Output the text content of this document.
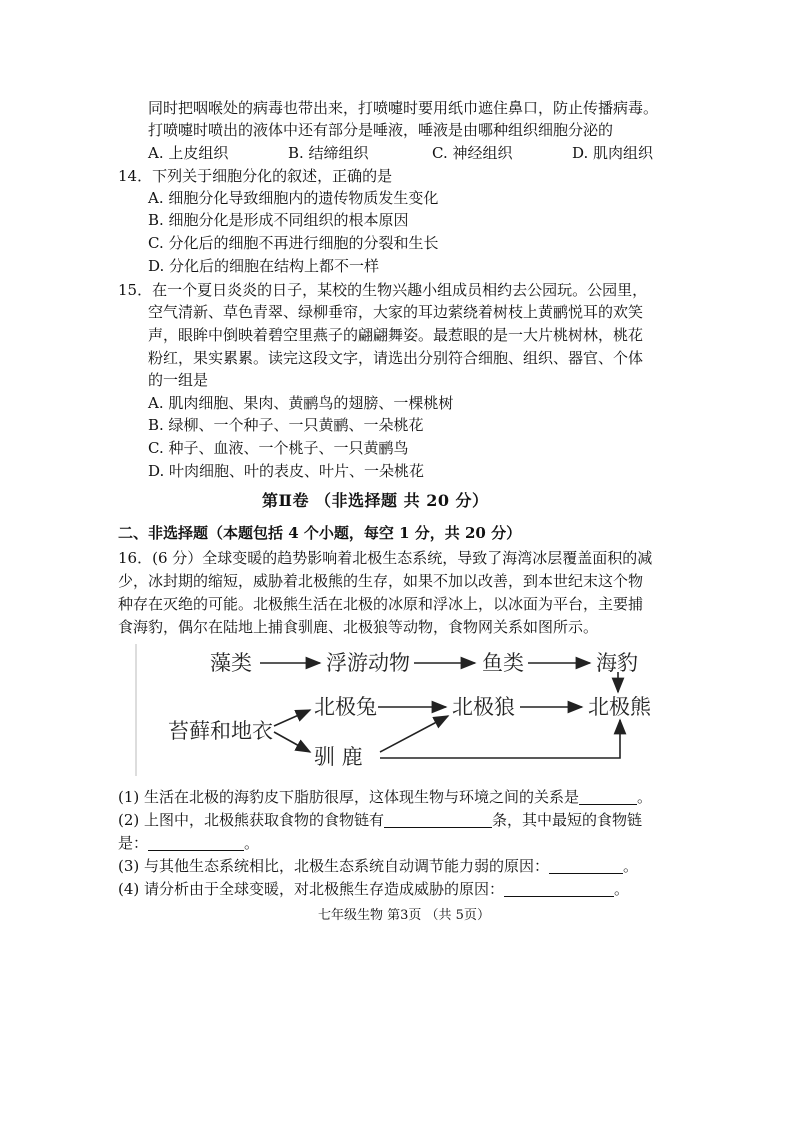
同时把咽喉处的病毒也带出来，打喷嚏时要用纸巾遮住鼻口，防止传播病毒。
打喷嚏时喷出的液体中还有部分是唾液，唾液是由哪种组织细胞分泌的
A. 上皮组织	B. 结缔组织	C. 神经组织	D. 肌肉组织
14．下列关于细胞分化的叙述，正确的是
A. 细胞分化导致细胞内的遗传物质发生变化
B. 细胞分化是形成不同组织的根本原因
C. 分化后的细胞不再进行细胞的分裂和生长
D. 分化后的细胞在结构上都不一样
15．在一个夏日炎炎的日子，某校的生物兴趣小组成员相约去公园玩。公园里，
空气清新、草色青翠、绿柳垂帘，大家的耳边萦绕着树枝上黄鹂悦耳的欢笑
声，眼眸中倒映着碧空里燕子的翩翩舞姿。最惹眼的是一大片桃树林，桃花
粉红，果实累累。读完这段文字，请选出分别符合细胞、组织、器官、个体
的一组是
A. 肌肉细胞、果肉、黄鹂鸟的翅膀、一棵桃树
B. 绿柳、一个种子、一只黄鹂、一朵桃花
C. 种子、血液、一个桃子、一只黄鹂鸟
D. 叶肉细胞、叶的表皮、叶片、一朵桃花
第Ⅱ卷 （非选择题 共 20 分）
二、非选择题（本题包括 4 个小题，每空 1 分，共 20 分）
16．(6 分）全球变暖的趋势影响着北极生态系统，导致了海湾冰层覆盖面积的减
少，冰封期的缩短，威胁着北极熊的生存，如果不加以改善，到本世纪末这个物
种存在灭绝的可能。北极熊生活在北极的冰原和浮冰上，以冰面为平台，主要捕
食海豹，偶尔在陆地上捕食驯鹿、北极狼等动物，食物网关系如图所示。
藻类	浮游动物	鱼类	海豹
苔藓和地衣
北极兔	北极狼	北极熊
驯 鹿
(1) 生活在北极的海豹皮下脂肪很厚，这体现生物与环境之间的关系是	。
(2) 上图中，北极熊获取食物的食物链有	条，其中最短的食物链
是：	。
(3) 与其他生态系统相比，北极生态系统自动调节能力弱的原因：	。
(4) 请分析由于全球变暖，对北极熊生存造成威胁的原因：	。
七年级生物 第3页 （共 5页）
